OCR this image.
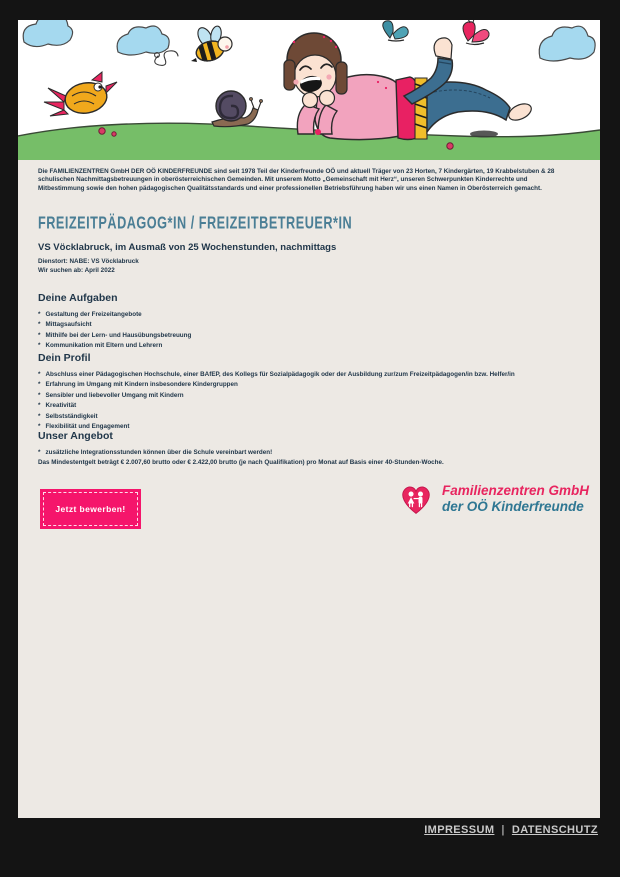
Die FAMILIENZENTREN GmbH DER OÖ KINDERFREUNDE sind seit 1978 Teil der Kinderfreunde OÖ und aktuell Träger von 23 Horten, 7 Kindergärten, 19 Krabbelstuben & 28 schulischen Nachmittagsbetreuungen in oberösterreichischen Gemeinden. Mit unserem Motto „Gemeinschaft mit Herz“, unseren Schwerpunkten Kinderrechte und Mitbestimmung sowie den hohen pädagogischen Qualitätsstandards und einer professionellen Betriebsführung haben wir uns einen Namen in Oberösterreich gemacht.

FREIZEITPÄDAGOG*IN / FREIZEITBETREUER*IN
VS Vöcklabruck, im Ausmaß von 25 Wochenstunden, nachmittags
Dienstort: NABE: VS Vöcklabruck
Wir suchen ab: April 2022
Deine Aufgaben
* Gestaltung der Freizeitangebote
* Mittagsaufsicht
* Mithilfe bei der Lern- und Hausübungsbetreuung
* Kommunikation mit Eltern und Lehrern
Dein Profil
* Abschluss einer Pädagogischen Hochschule, einer BAfEP, des Kollegs für Sozialpädagogik oder der Ausbildung zur/zum Freizeitpädagogen/in bzw. Helfer/in
* Erfahrung im Umgang mit Kindern insbesondere Kindergruppen
* Sensibler und liebevoller Umgang mit Kindern
* Kreativität
* Selbstständigkeit
* Flexibilität und Engagement
Unser Angebot
* zusätzliche Integrationsstunden können über die Schule vereinbart werden!
Das Mindestentgelt beträgt € 2.007,60 brutto oder € 2.422,00 brutto (je nach Qualifikation) pro Monat auf Basis einer 40-Stunden-Woche.
Jetzt bewerben!
Familienzentren GmbH
der OÖ Kinderfreunde
IMPRESSUM | DATENSCHUTZ
